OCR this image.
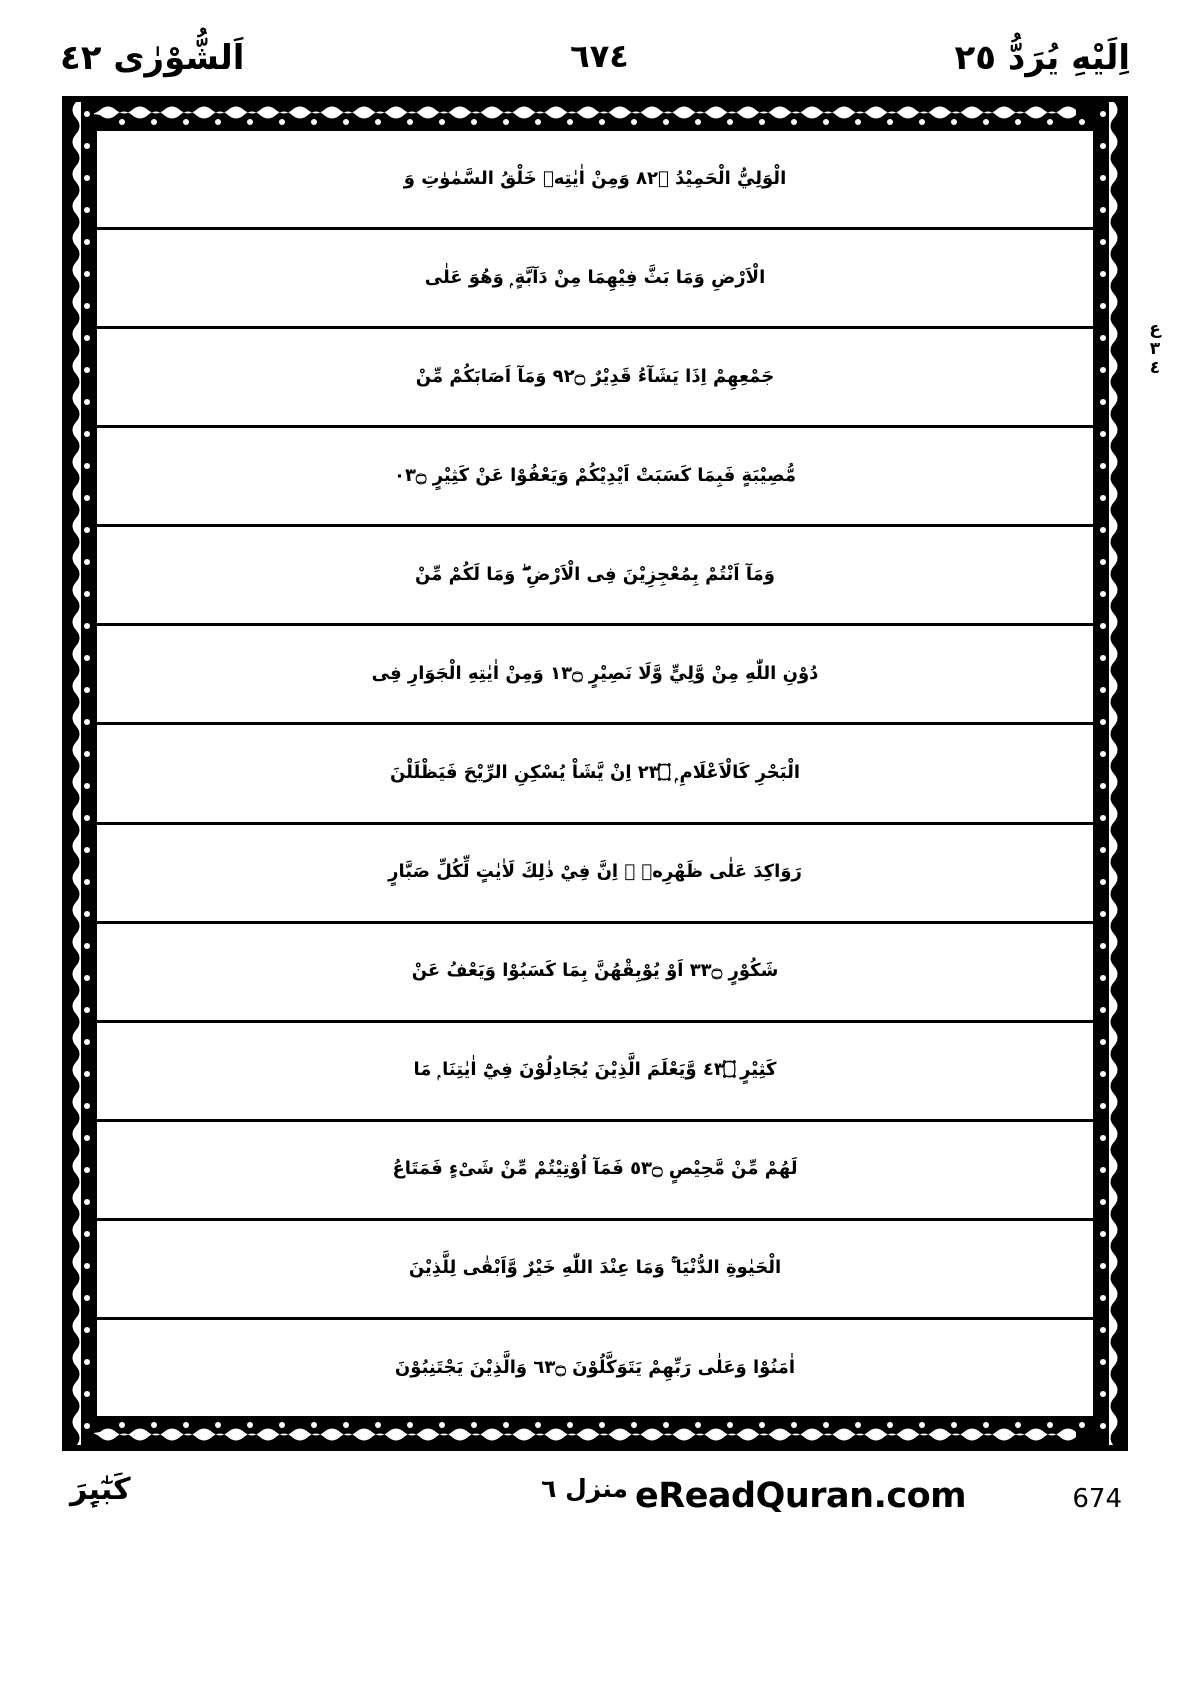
اِلَيْهِ يُرَدُّ ٢٥
٦٧٤
اَلشُّوْرٰى ٤٢
الْوَلِيُّ الْحَمِيْدُ ۝٢٨ وَمِنْ اٰيٰتِهٖ خَلْقُ السَّمٰوٰتِ وَ
الْاَرْضِ وَمَا بَثَّ فِيْهِمَا مِنْ دَآبَّةٍ ۭ وَهُوَ عَلٰى
جَمْعِهِمْ اِذَا يَشَآءُ قَدِيْرٌ ۝٢٩ وَمَآ اَصَابَكُمْ مِّنْ
مُّصِيْبَةٍ فَبِمَا كَسَبَتْ اَيْدِيْكُمْ وَيَعْفُوْا عَنْ كَثِيْرٍ ۝٣٠
وَمَآ اَنْتُمْ بِمُعْجِزِيْنَ فِى الْاَرْضِ ۖ وَمَا لَكُمْ مِّنْ
دُوْنِ اللّٰهِ مِنْ وَّلِيٍّ وَّلَا نَصِيْرٍ ۝٣١ وَمِنْ اٰيٰتِهِ الْجَوَارِ فِى
الْبَحْرِ كَالْاَعْلَامِ ۭ ۝٣٢ اِنْ يَّشَاْ يُسْكِنِ الرِّيْحَ فَيَظْلَلْنَ
رَوَاكِدَ عَلٰى ظَهْرِهٖ ۭ اِنَّ فِيْ ذٰلِكَ لَاٰيٰتٍ لِّكُلِّ صَبَّارٍ
شَكُوْرٍ ۝٣٣ اَوْ يُوْبِقْهُنَّ بِمَا كَسَبُوْا وَيَعْفُ عَنْ
كَثِيْرٍ ۝٣٤ وَّيَعْلَمَ الَّذِيْنَ يُجَادِلُوْنَ فِيْٓ اٰيٰتِنَا ۭ مَا
لَهُمْ مِّنْ مَّحِيْصٍ ۝٣٥ فَمَآ اُوْتِيْتُمْ مِّنْ شَىْءٍ فَمَتَاعُ
الْحَيٰوةِ الدُّنْيَا ۚ وَمَا عِنْدَ اللّٰهِ خَيْرٌ وَّاَبْقٰى لِلَّذِيْنَ
اٰمَنُوْا وَعَلٰى رَبِّهِمْ يَتَوَكَّلُوْنَ ۝٣٦ وَالَّذِيْنَ يَجْتَنِبُوْنَ
ع
٣
٤
كَبٰٓىِٕرَ	منزل ٦ eReadQuran.com	674
